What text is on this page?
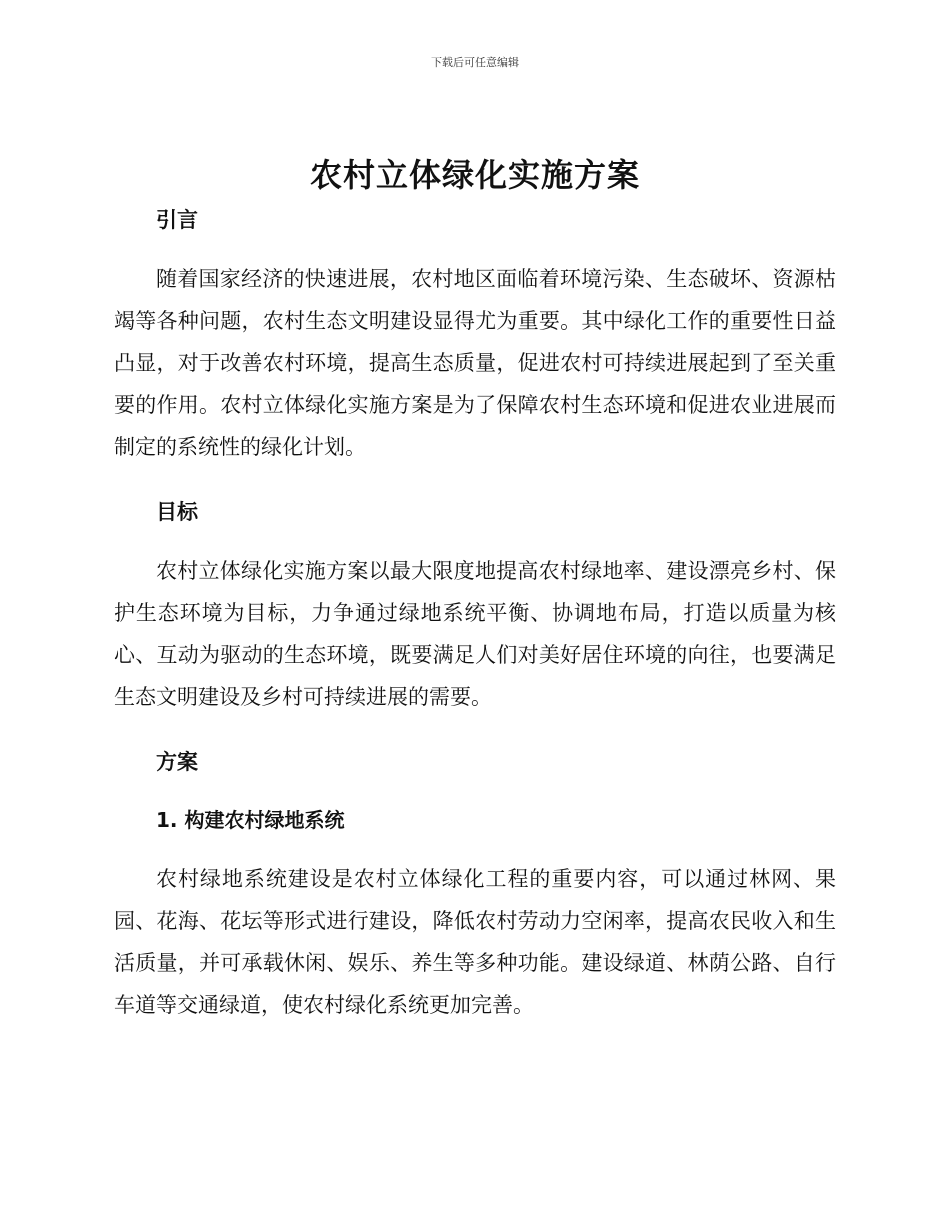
下载后可任意编辑
农村立体绿化实施方案
引言

随着国家经济的快速进展，农村地区面临着环境污染、生态破坏、资源枯竭等各种问题，农村生态文明建设显得尤为重要。其中绿化工作的重要性日益凸显，对于改善农村环境，提高生态质量，促进农村可持续进展起到了至关重要的作用。农村立体绿化实施方案是为了保障农村生态环境和促进农业进展而制定的系统性的绿化计划。

目标

农村立体绿化实施方案以最大限度地提高农村绿地率、建设漂亮乡村、保护生态环境为目标，力争通过绿地系统平衡、协调地布局，打造以质量为核心、互动为驱动的生态环境，既要满足人们对美好居住环境的向往，也要满足生态文明建设及乡村可持续进展的需要。

方案
1. 构建农村绿地系统

农村绿地系统建设是农村立体绿化工程的重要内容，可以通过林网、果园、花海、花坛等形式进行建设，降低农村劳动力空闲率，提高农民收入和生活质量，并可承载休闲、娱乐、养生等多种功能。建设绿道、林荫公路、自行车道等交通绿道，使农村绿化系统更加完善。
